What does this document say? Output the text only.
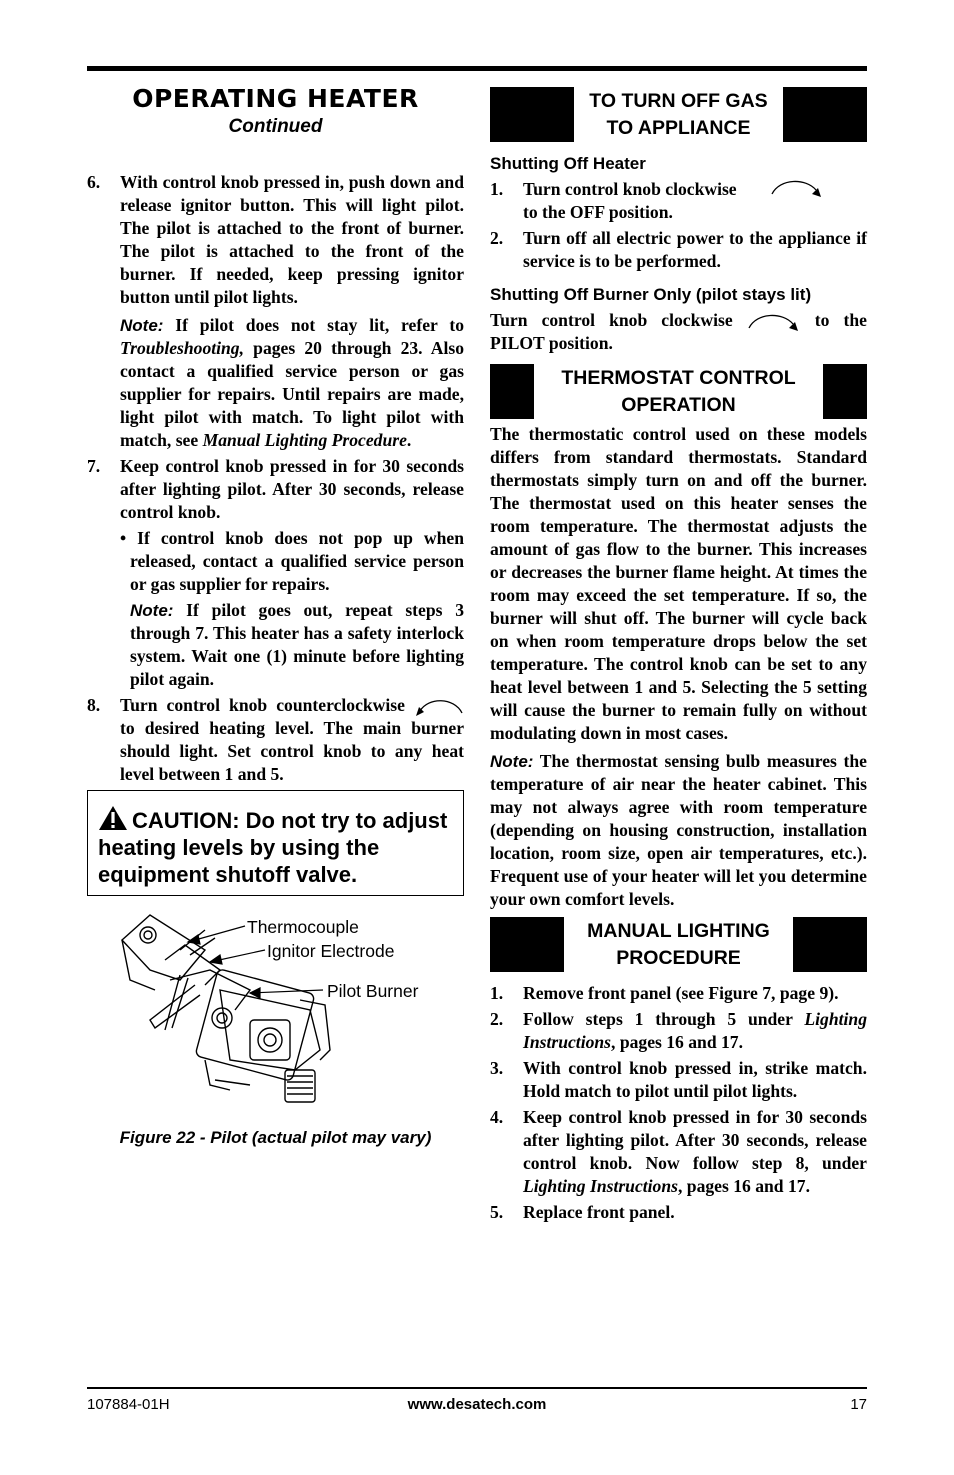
OPERATING HEATER
Continued
6. With control knob pressed in, push down and release ignitor button. This will light pilot. The pilot is attached to the front of burner. The pilot is attached to the front of the burner. If needed, keep pressing ignitor button until pilot lights.
Note: If pilot does not stay lit, refer to Troubleshooting, pages 20 through 23. Also contact a qualified service person or gas supplier for repairs. Until repairs are made, light pilot with match. To light pilot with match, see Manual Lighting Procedure.
7. Keep control knob pressed in for 30 seconds after lighting pilot. After 30 seconds, release control knob.
• If control knob does not pop up when released, contact a qualified service person or gas supplier for repairs.
Note: If pilot goes out, repeat steps 3 through 7. This heater has a safety interlock system. Wait one (1) minute before lighting pilot again.
8. Turn control knob counterclockwise  to desired heating level. The main burner should light. Set control knob to any heat level between 1 and 5.
CAUTION: Do not try to adjust heating levels by using the equipment shutoff valve.
Thermocouple
Ignitor Electrode
Pilot Burner
Figure 22 - Pilot (actual pilot may vary)
TO TURN OFF GAS
TO APPLIANCE
Shutting Off Heater
1. Turn control knob clockwise
to the OFF position.
2. Turn off all electric power to the appliance if service is to be performed.
Shutting Off Burner Only (pilot stays lit)
Turn control knob clockwise	to the PILOT position.
THERMOSTAT CONTROL
OPERATION

The thermostatic control used on these models differs from standard thermostats. Standard thermostats simply turn on and off the burner. The thermostat used on this heater senses the room temperature. The thermostat adjusts the amount of gas flow to the burner. This increases or decreases the burner flame height. At times the room may exceed the set temperature. If so, the burner will shut off. The burner will cycle back on when room temperature drops below the set temperature. The control knob can be set to any heat level between 1 and 5. Selecting the 5 setting will cause the burner to remain fully on without modulating down in most cases.

Note: The thermostat sensing bulb measures the temperature of air near the heater cabinet. This may not always agree with room temperature (depending on housing construction, installation location, room size, open air temperatures, etc.). Frequent use of your heater will let you determine your own comfort levels.

MANUAL LIGHTING
PROCEDURE
1. Remove front panel (see Figure 7, page 9).
2. Follow steps 1 through 5 under Lighting Instructions, pages 16 and 17.
3. With control knob pressed in, strike match. Hold match to pilot until pilot lights.
4. Keep control knob pressed in for 30 seconds after lighting pilot. After 30 seconds, release control knob. Now follow step 8, under Lighting Instructions, pages 16 and 17.
5. Replace front panel.
107884-01H	www.desatech.com	17
